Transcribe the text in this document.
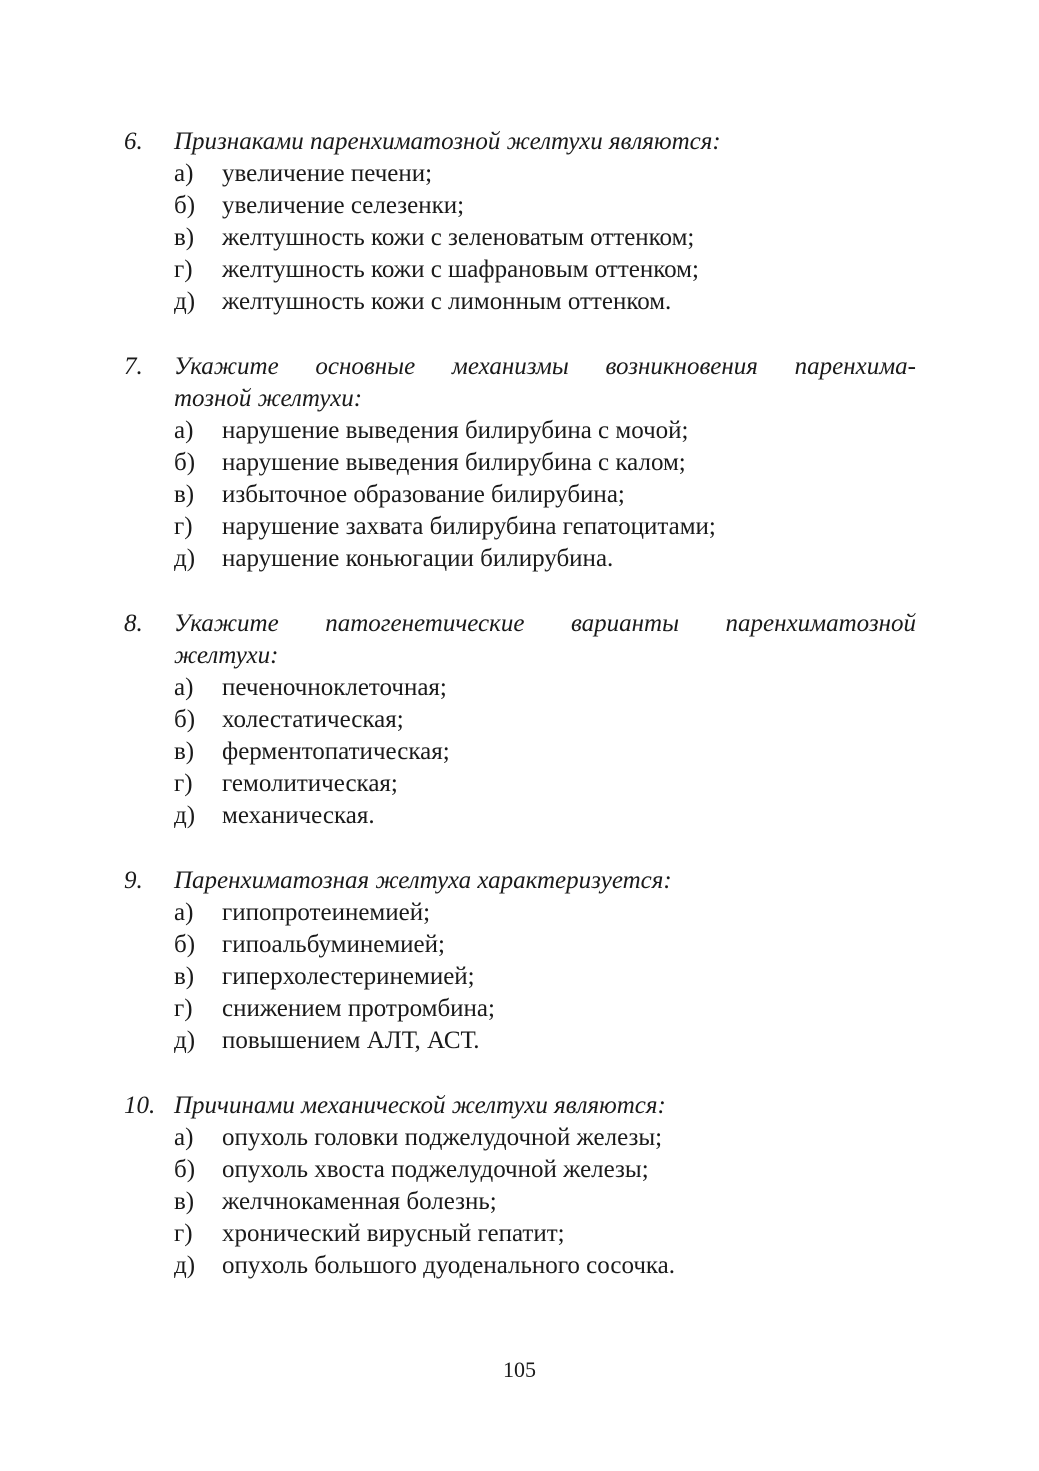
6.	Признаками паренхиматозной желтухи являются:
а)	увеличение печени;
б)	увеличение селезенки;
в)	желтушность кожи с зеленоватым оттенком;
г)	желтушность кожи с шафрановым оттенком;
д)	желтушность кожи с лимонным оттенком.
7.	Укажите основные механизмы возникновения паренхима-
тозной желтухи:
а)	нарушение выведения билирубина с мочой;
б)	нарушение выведения билирубина с калом;
в)	избыточное образование билирубина;
г)	нарушение захвата билирубина гепатоцитами;
д)	нарушение коньюгации билирубина.
8.	Укажите патогенетические варианты паренхиматозной
желтухи:
а)	печеночноклеточная;
б)	холестатическая;
в)	ферментопатическая;
г)	гемолитическая;
д)	механическая.
9.	Паренхиматозная желтуха характеризуется:
а)	гипопротеинемией;
б)	гипоальбуминемией;
в)	гиперхолестеринемией;
г)	снижением протромбина;
д)	повышением АЛТ, АСТ.
10. Причинами механической желтухи являются:
а)	опухоль головки поджелудочной железы;
б)	опухоль хвоста поджелудочной железы;
в)	желчнокаменная болезнь;
г)	хронический вирусный гепатит;
д)	опухоль большого дуоденального сосочка.
105
